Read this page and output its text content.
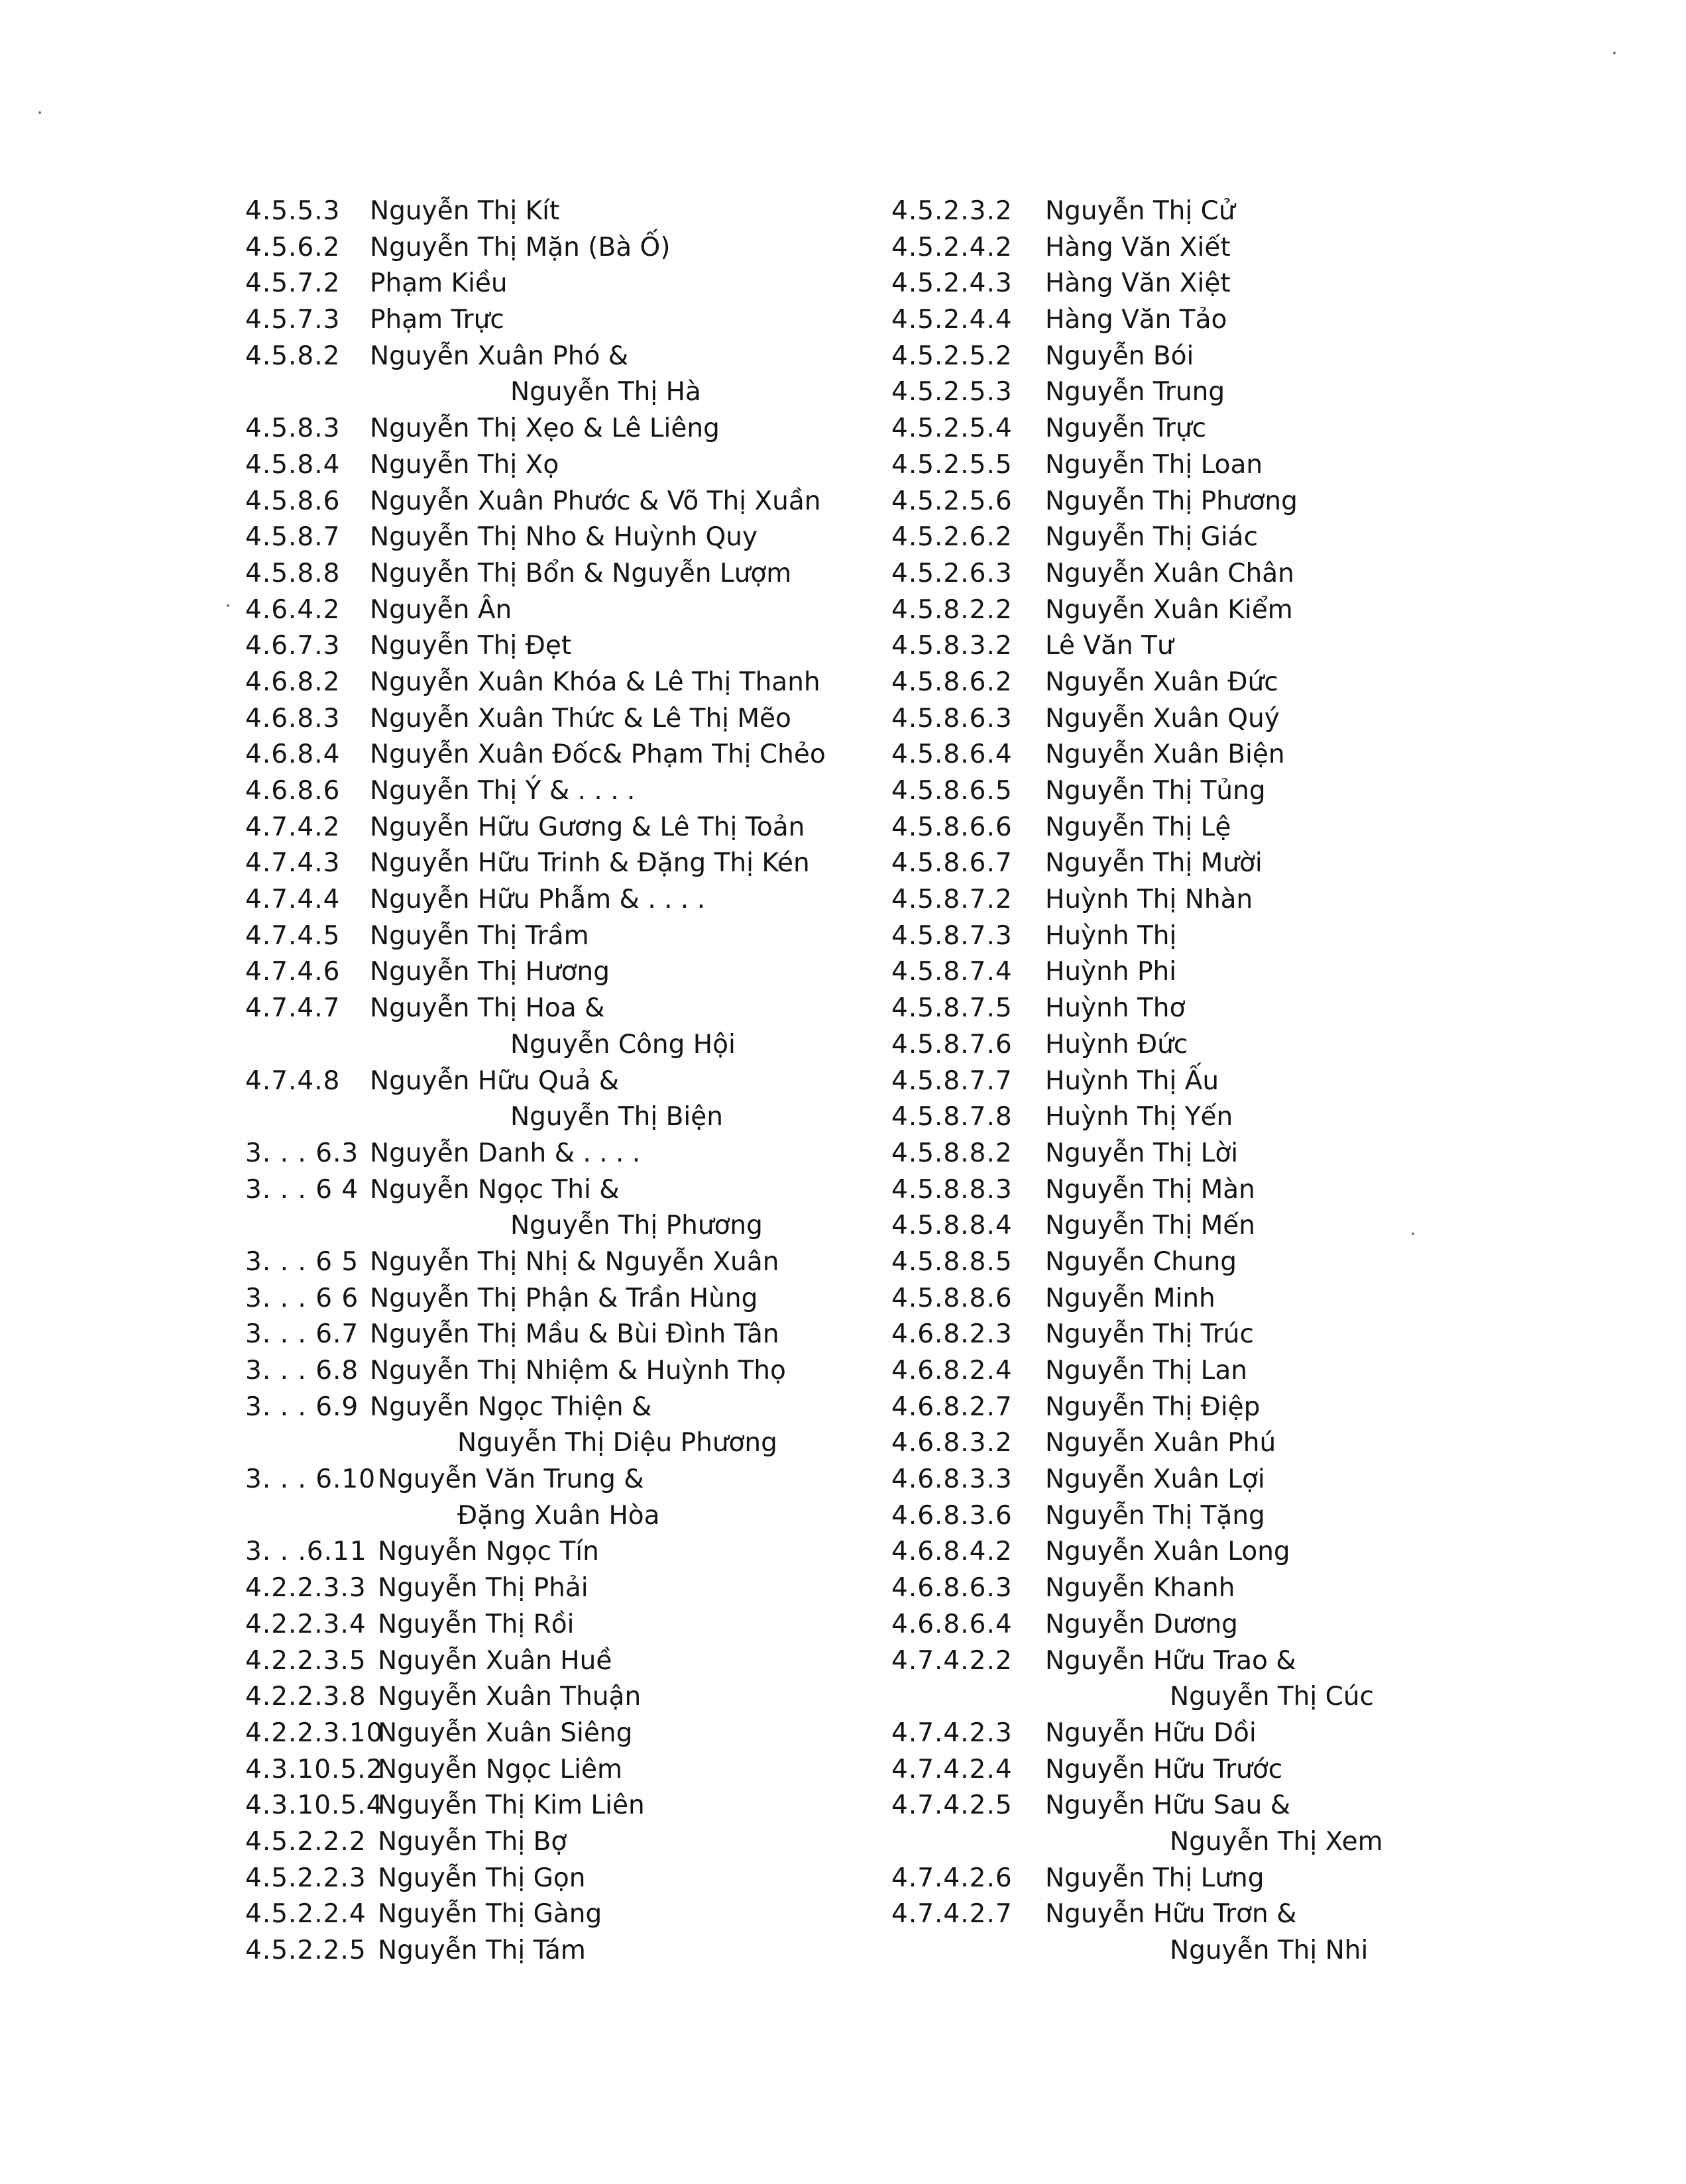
4.5.5.3 Nguyễn Thị Kít
4.5.6.2 Nguyễn Thị Mặn (Bà Ố)
4.5.7.2 Phạm Kiều
4.5.7.3 Phạm Trực
4.5.8.2 Nguyễn Xuân Phó &
Nguyễn Thị Hà
4.5.8.3 Nguyễn Thị Xẹo & Lê Liêng
4.5.8.4 Nguyễn Thị Xọ
4.5.8.6 Nguyễn Xuân Phước & Võ Thị Xuần
4.5.8.7 Nguyễn Thị Nho & Huỳnh Quy
4.5.8.8 Nguyễn Thị Bổn & Nguyễn Lượm
4.6.4.2 Nguyễn Ân
4.6.7.3 Nguyễn Thị Đẹt
4.6.8.2 Nguyễn Xuân Khóa & Lê Thị Thanh
4.6.8.3 Nguyễn Xuân Thức & Lê Thị Mẽo
4.6.8.4 Nguyễn Xuân Đốc& Phạm Thị Chẻo
4.6.8.6 Nguyễn Thị Ý & . . . .
4.7.4.2 Nguyễn Hữu Gương & Lê Thị Toản
4.7.4.3 Nguyễn Hữu Trinh & Đặng Thị Kén
4.7.4.4 Nguyễn Hữu Phẫm & . . . .
4.7.4.5 Nguyễn Thị Trầm
4.7.4.6 Nguyễn Thị Hương
4.7.4.7 Nguyễn Thị Hoa &
Nguyễn Công Hội
4.7.4.8 Nguyễn Hữu Quả &
Nguyễn Thị Biện
3. . . 6.3 Nguyễn Danh & . . . .
3. . . 6 4 Nguyễn Ngọc Thi &
Nguyễn Thị Phương
3. . . 6 5 Nguyễn Thị Nhị & Nguyễn Xuân
3. . . 6 6 Nguyễn Thị Phận & Trần Hùng
3. . . 6.7 Nguyễn Thị Mầu & Bùi Đình Tân
3. . . 6.8 Nguyễn Thị Nhiệm & Huỳnh Thọ
3. . . 6.9 Nguyễn Ngọc Thiện &
Nguyễn Thị Diệu Phương
3. . . 6.10 Nguyễn Văn Trung &
Đặng Xuân Hòa
3. . .6.11 Nguyễn Ngọc Tín
4.2.2.3.3 Nguyễn Thị Phải
4.2.2.3.4 Nguyễn Thị Rồi
4.2.2.3.5 Nguyễn Xuân Huề
4.2.2.3.8 Nguyễn Xuân Thuận
4.2.2.3.10
Nguyễn Xuân Siêng
4.3.10.5.2
Nguyễn Ngọc Liêm
4.3.10.5.4
Nguyễn Thị Kim Liên
4.5.2.2.2 Nguyễn Thị Bợ
4.5.2.2.3 Nguyễn Thị Gọn
4.5.2.2.4 Nguyễn Thị Gàng
4.5.2.2.5 Nguyễn Thị Tám
4.5.2.3.2 Nguyễn Thị Cử
4.5.2.4.2 Hàng Văn Xiết
4.5.2.4.3 Hàng Văn Xiệt
4.5.2.4.4 Hàng Văn Tảo
4.5.2.5.2 Nguyễn Bói
4.5.2.5.3 Nguyễn Trung
4.5.2.5.4 Nguyễn Trực
4.5.2.5.5 Nguyễn Thị Loan
4.5.2.5.6 Nguyễn Thị Phương
4.5.2.6.2 Nguyễn Thị Giác
4.5.2.6.3 Nguyễn Xuân Chân
4.5.8.2.2 Nguyễn Xuân Kiểm
4.5.8.3.2 Lê Văn Tư
4.5.8.6.2 Nguyễn Xuân Đức
4.5.8.6.3 Nguyễn Xuân Quý
4.5.8.6.4 Nguyễn Xuân Biện
4.5.8.6.5 Nguyễn Thị Tủng
4.5.8.6.6 Nguyễn Thị Lệ
4.5.8.6.7 Nguyễn Thị Mười
4.5.8.7.2 Huỳnh Thị Nhàn
4.5.8.7.3 Huỳnh Thị
4.5.8.7.4 Huỳnh Phi
4.5.8.7.5 Huỳnh Thơ
4.5.8.7.6 Huỳnh Đức
4.5.8.7.7 Huỳnh Thị Ấu
4.5.8.7.8 Huỳnh Thị Yến
4.5.8.8.2 Nguyễn Thị Lời
4.5.8.8.3 Nguyễn Thị Màn
4.5.8.8.4 Nguyễn Thị Mến
4.5.8.8.5 Nguyễn Chung
4.5.8.8.6 Nguyễn Minh
4.6.8.2.3 Nguyễn Thị Trúc
4.6.8.2.4 Nguyễn Thị Lan
4.6.8.2.7 Nguyễn Thị Điệp
4.6.8.3.2 Nguyễn Xuân Phú
4.6.8.3.3 Nguyễn Xuân Lợi
4.6.8.3.6 Nguyễn Thị Tặng
4.6.8.4.2 Nguyễn Xuân Long
4.6.8.6.3 Nguyễn Khanh
4.6.8.6.4 Nguyễn Dương
4.7.4.2.2 Nguyễn Hữu Trao &
Nguyễn Thị Cúc
4.7.4.2.3 Nguyễn Hữu Dồi
4.7.4.2.4 Nguyễn Hữu Trước
4.7.4.2.5 Nguyễn Hữu Sau &
Nguyễn Thị Xem
4.7.4.2.6 Nguyễn Thị Lưng
4.7.4.2.7 Nguyễn Hữu Trơn &
Nguyễn Thị Nhi
